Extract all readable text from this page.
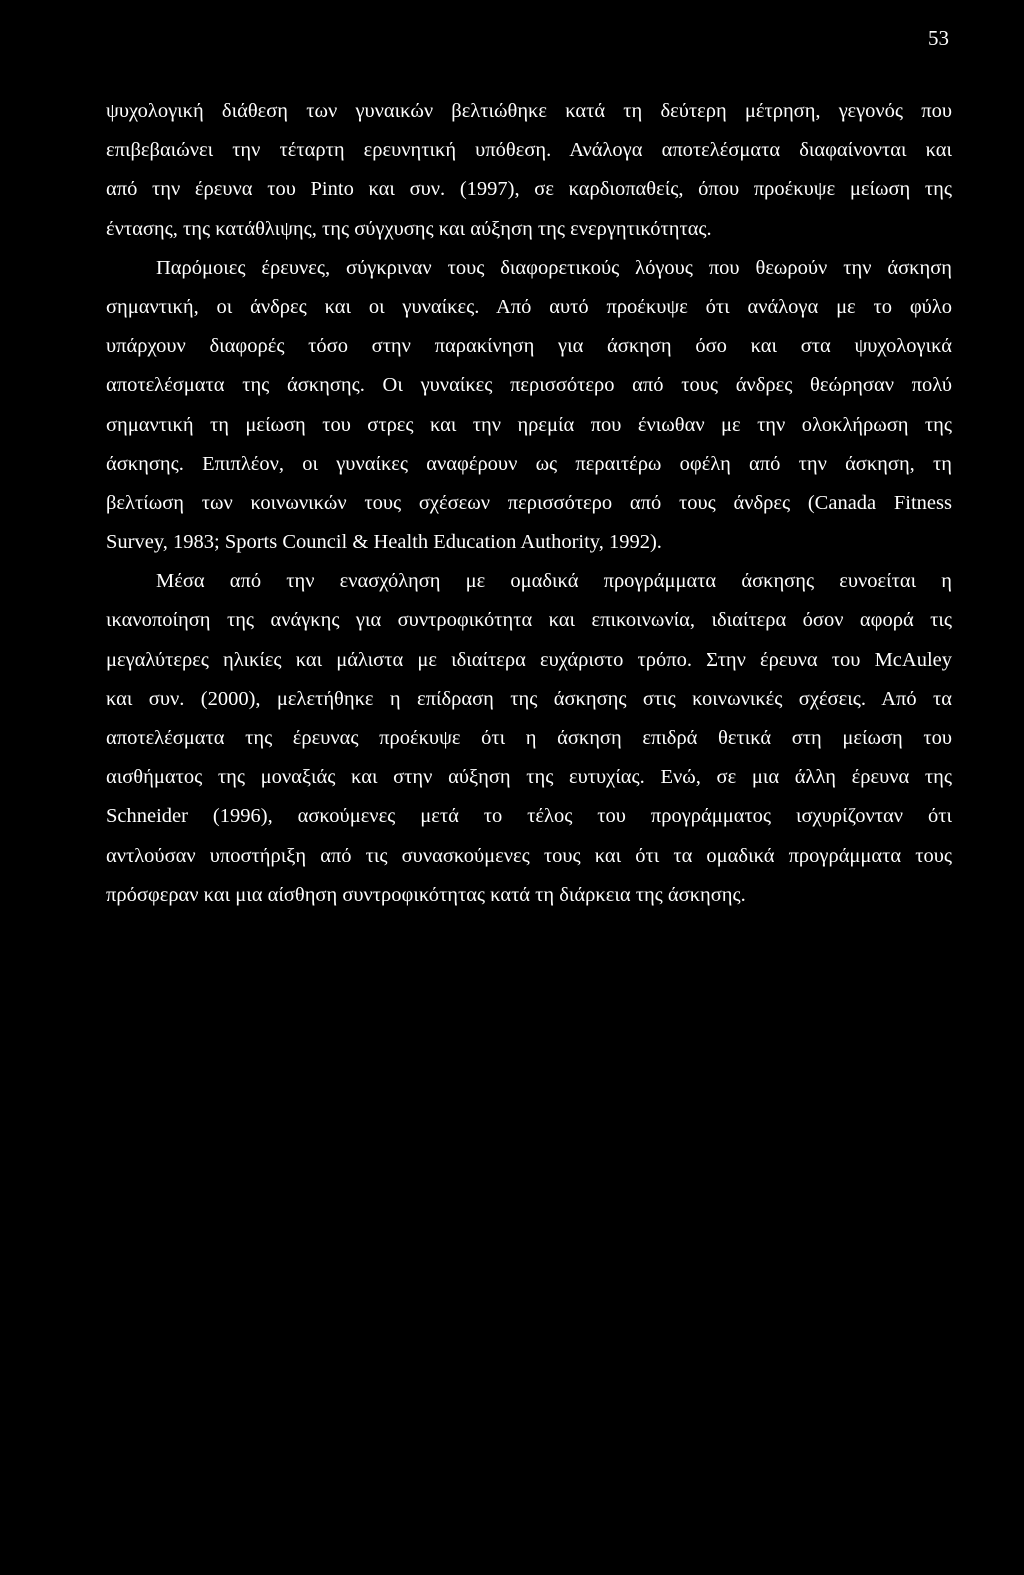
53
ψυχολογική διάθεση των γυναικών βελτιώθηκε κατά τη δεύτερη μέτρηση, γεγονός που
επιβεβαιώνει την τέταρτη ερευνητική υπόθεση. Ανάλογα αποτελέσματα διαφαίνονται και
από την έρευνα του Pinto και συν. (1997), σε καρδιοπαθείς, όπου προέκυψε μείωση της
έντασης, της κατάθλιψης, της σύγχυσης και αύξηση της ενεργητικότητας.
Παρόμοιες έρευνες, σύγκριναν τους διαφορετικούς λόγους που θεωρούν την άσκηση
σημαντική, οι άνδρες και οι γυναίκες. Από αυτό προέκυψε ότι ανάλογα με το φύλο
υπάρχουν διαφορές τόσο στην παρακίνηση για άσκηση όσο και στα ψυχολογικά
αποτελέσματα της άσκησης. Οι γυναίκες περισσότερο από τους άνδρες θεώρησαν πολύ
σημαντική τη μείωση του στρες και την ηρεμία που ένιωθαν με την ολοκλήρωση της
άσκησης. Επιπλέον, οι γυναίκες αναφέρουν ως περαιτέρω οφέλη από την άσκηση, τη
βελτίωση των κοινωνικών τους σχέσεων περισσότερο από τους άνδρες (Canada Fitness
Survey, 1983; Sports Council & Health Education Authority, 1992).
Μέσα από την ενασχόληση με ομαδικά προγράμματα άσκησης ευνοείται η
ικανοποίηση της ανάγκης για συντροφικότητα και επικοινωνία, ιδιαίτερα όσον αφορά τις
μεγαλύτερες ηλικίες και μάλιστα με ιδιαίτερα ευχάριστο τρόπο. Στην έρευνα του McAuley
και συν. (2000), μελετήθηκε η επίδραση της άσκησης στις κοινωνικές σχέσεις. Από τα
αποτελέσματα της έρευνας προέκυψε ότι η άσκηση επιδρά θετικά στη μείωση του
αισθήματος της μοναξιάς και στην αύξηση της ευτυχίας. Ενώ, σε μια άλλη έρευνα της
Schneider (1996), ασκούμενες μετά το τέλος του προγράμματος ισχυρίζονταν ότι
αντλούσαν υποστήριξη από τις συνασκούμενες τους και ότι τα ομαδικά προγράμματα τους
πρόσφεραν και μια αίσθηση συντροφικότητας κατά τη διάρκεια της άσκησης.
